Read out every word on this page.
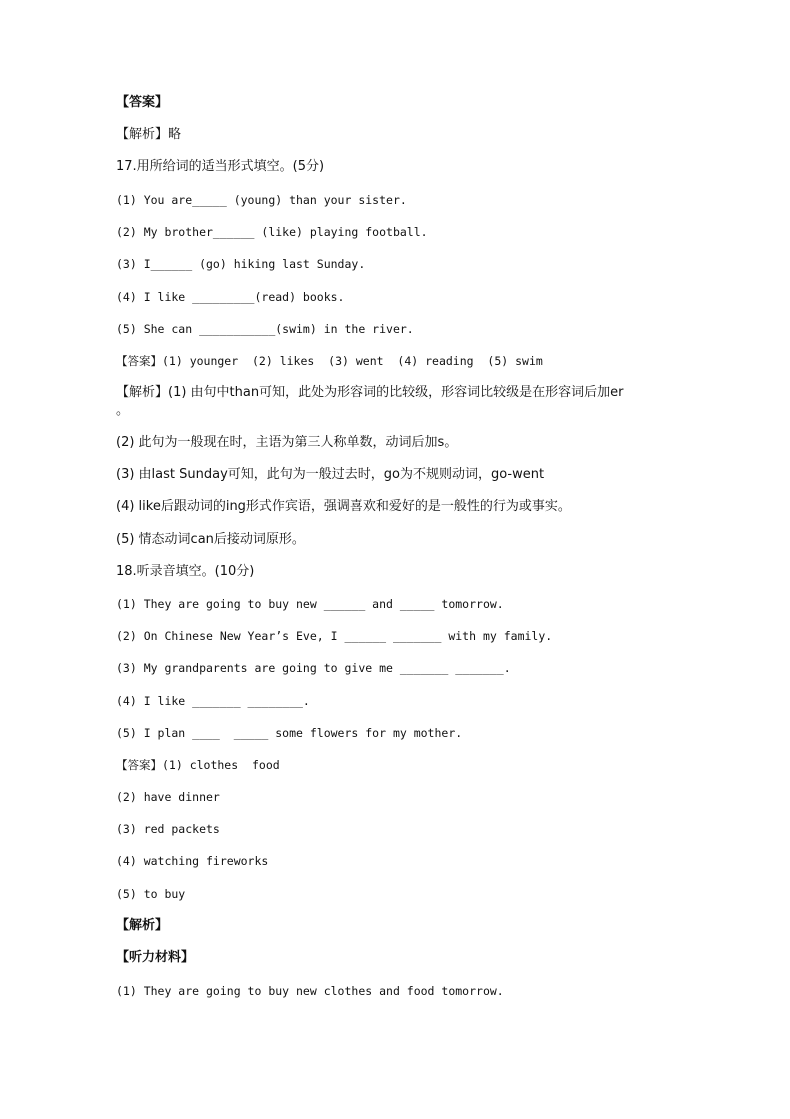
【答案】
【解析】略
17.用所给词的适当形式填空。(5分)
(1) You are_____ (young) than your sister.
(2) My brother______ (like) playing football.
(3) I______ (go) hiking last Sunday.
(4) I like _________(read) books.
(5) She can ___________(swim) in the river.
【答案】(1) younger  (2) likes  (3) went  (4) reading  (5) swim
【解析】(1) 由句中than可知，此处为形容词的比较级，形容词比较级是在形容词后加er
。
(2) 此句为一般现在时，主语为第三人称单数，动词后加s。
(3) 由last Sunday可知，此句为一般过去时，go为不规则动词，go-went
(4) like后跟动词的ing形式作宾语，强调喜欢和爱好的是一般性的行为或事实。
(5) 情态动词can后接动词原形。
18.听录音填空。(10分)
(1) They are going to buy new ______ and _____ tomorrow.
(2) On Chinese New Year’s Eve, I ______ _______ with my family.
(3) My grandparents are going to give me _______ _______.
(4) I like _______ ________.
(5) I plan ____  _____ some flowers for my mother.
【答案】(1) clothes  food
(2) have dinner
(3) red packets
(4) watching fireworks
(5) to buy
【解析】
【听力材料】
(1) They are going to buy new clothes and food tomorrow.
